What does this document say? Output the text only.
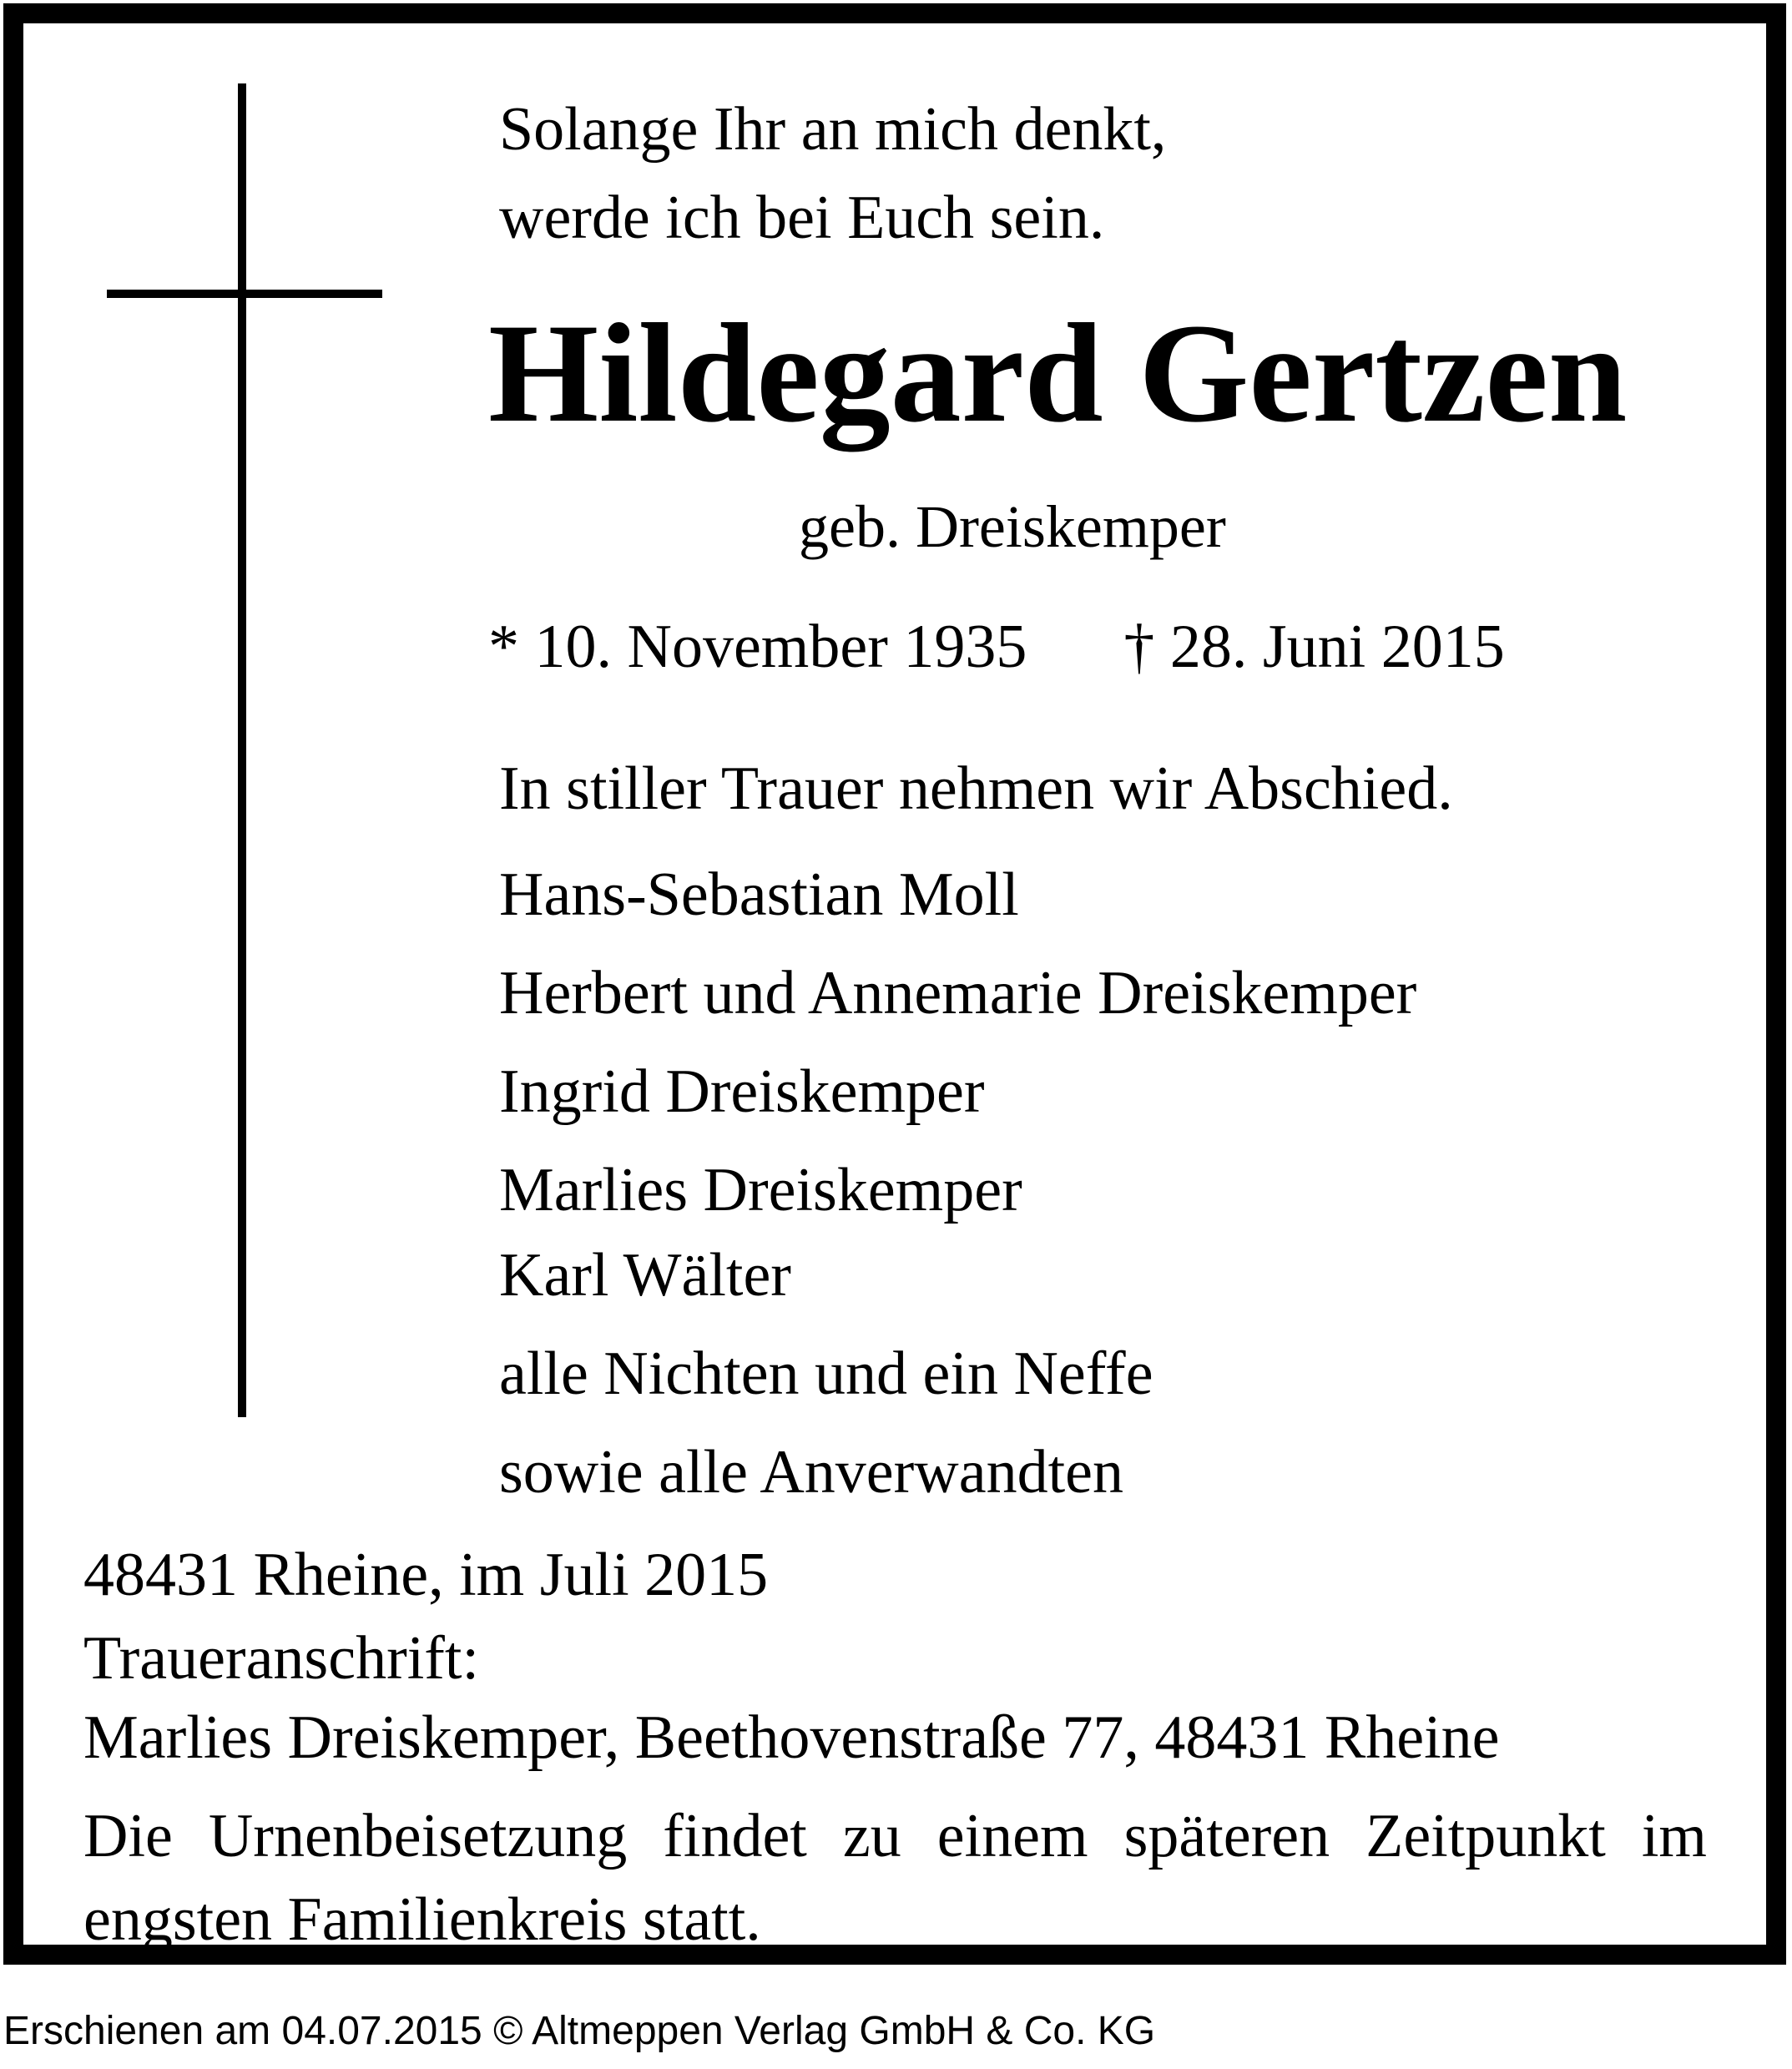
Solange Ihr an mich denkt,
werde ich bei Euch sein.

Hildegard Gertzen

geb. Dreiskemper

* 10. November 1935 † 28. Juni 2015

In stiller Trauer nehmen wir Abschied.

Hans-Sebastian Moll
Herbert und Annemarie Dreiskemper
Ingrid Dreiskemper
Marlies Dreiskemper
Karl Wälter
alle Nichten und ein Neffe
sowie alle Anverwandten

48431 Rheine, im Juli 2015

Traueranschrift:

Marlies Dreiskemper, Beethovenstraße 77, 48431 Rheine

Die Urnenbeisetzung findet zu einem späteren Zeitpunkt im engsten Familienkreis statt.

Erschienen am 04.07.2015 © Altmeppen Verlag GmbH & Co. KG
